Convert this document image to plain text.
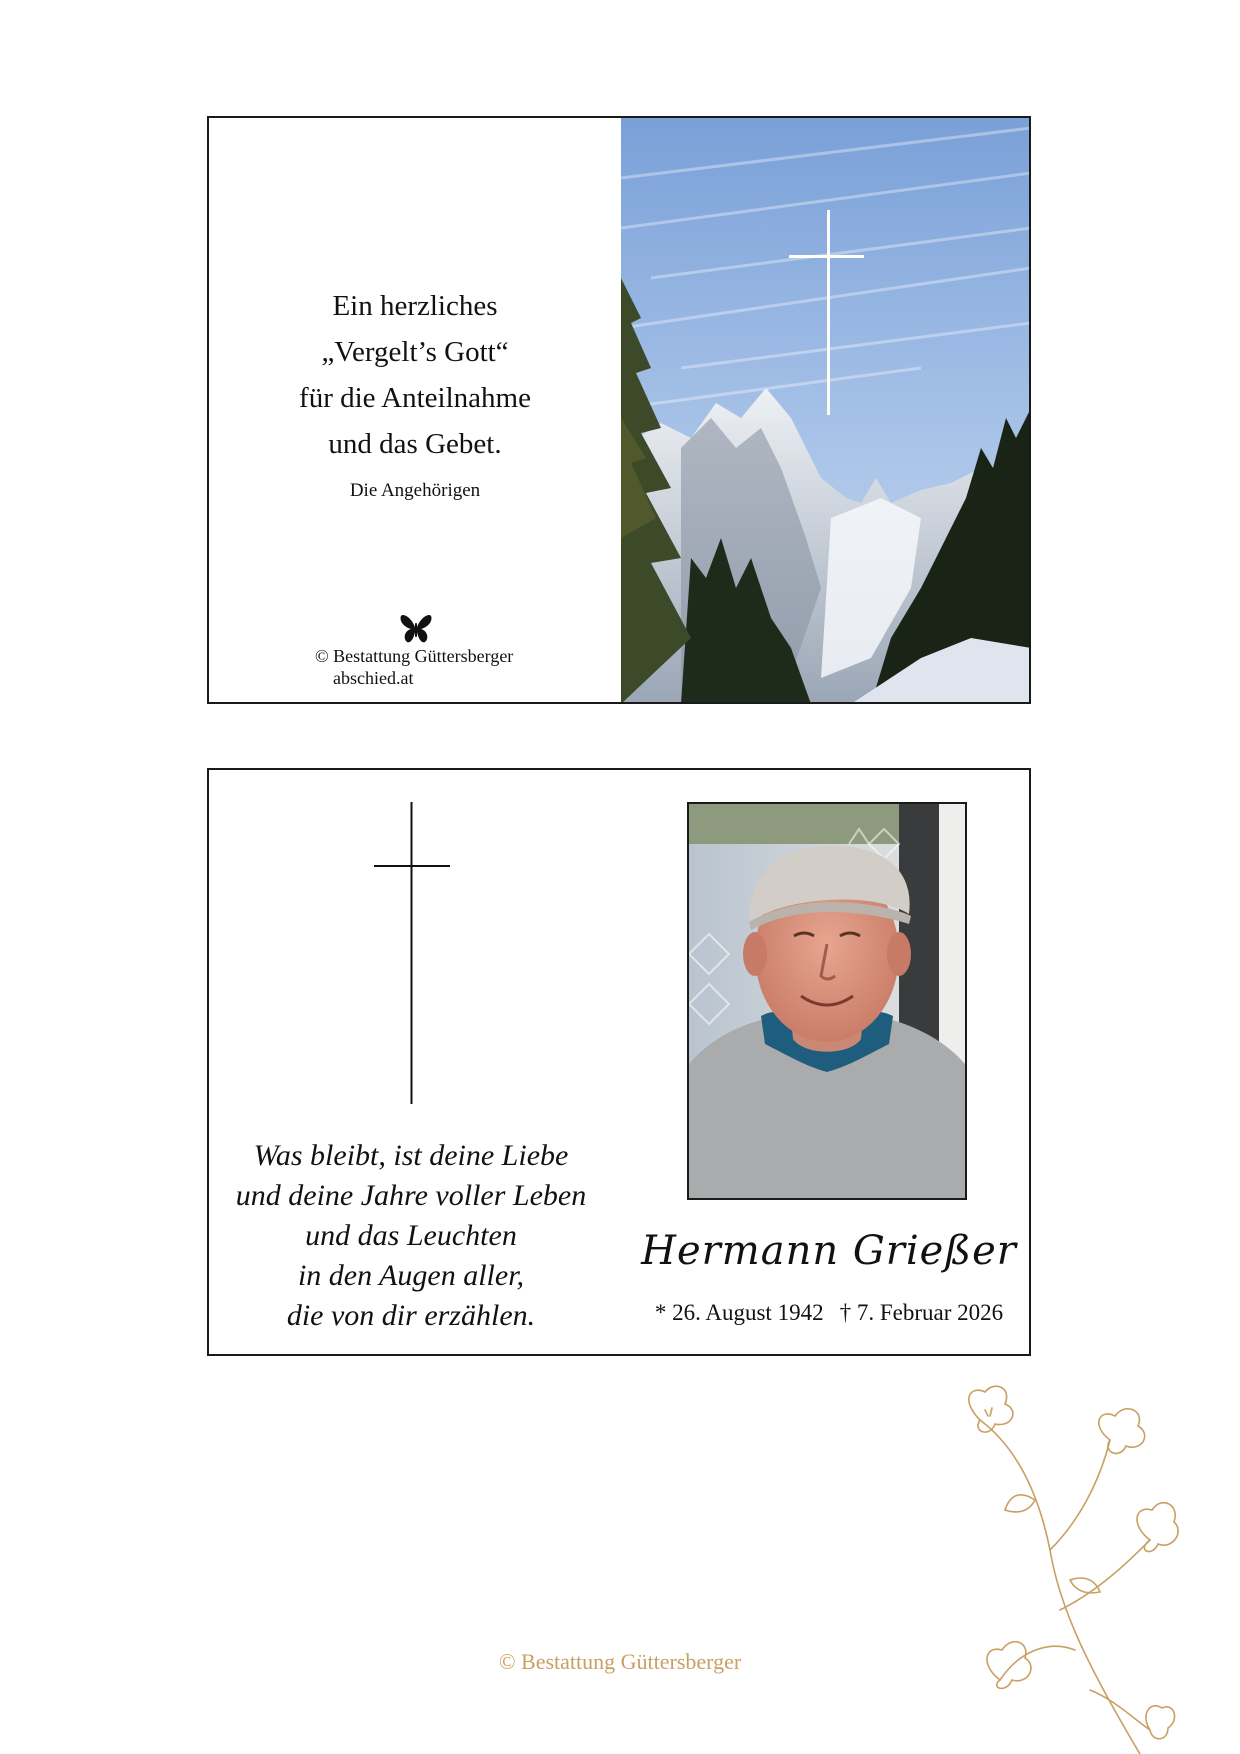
Ein herzliches
„Vergelt’s Gott“
für die Anteilnahme
und das Gebet.
Die Angehörigen
© Bestattung Güttersberger
abschied.at
Was bleibt, ist deine Liebe
und deine Jahre voller Leben
und das Leuchten
in den Augen aller,
die von dir erzählen.
Hermann Grießer
* 26. August 1942 † 7. Februar 2026
© Bestattung Güttersberger
